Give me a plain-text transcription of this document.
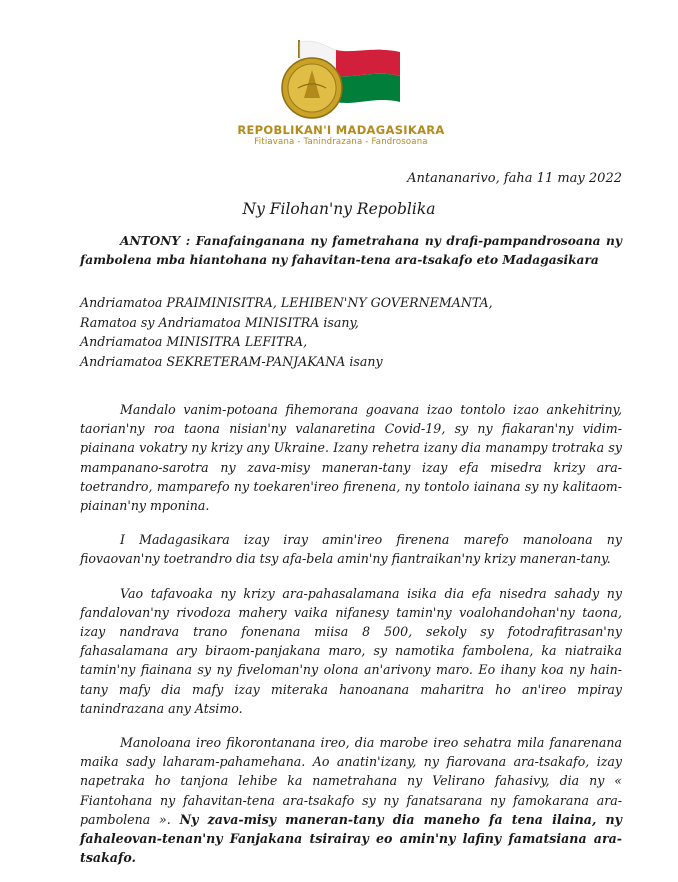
REPOBLIKAN'I MADAGASIKARA
Fitiavana - Tanindrazana - Fandrosoana
Antananarivo, faha 11 may 2022
Ny Filohan'ny Repoblika
ANTONY : Fanafainganana ny fametrahana ny drafi-pampandrosoana ny fambolena mba hiantohana ny fahavitan-tena ara-tsakafo eto Madagasikara
Andriamatoa PRAIMINISITRA, LEHIBEN'NY GOVERNEMANTA,
Ramatoa sy Andriamatoa MINISITRA isany,
Andriamatoa MINISITRA LEFITRA,
Andriamatoa SEKRETERAM-PANJAKANA isany

Mandalo vanim-potoana fihemorana goavana izao tontolo izao ankehitriny, taorian'ny roa taona nisian'ny valanaretina Covid-19, sy ny fiakaran'ny vidim-piainana vokatry ny krizy any Ukraine. Izany rehetra izany dia manampy trotraka sy mampanano-sarotra ny zava-misy maneran-tany izay efa misedra krizy ara-toetrandro, mamparefo ny toekaren'ireo firenena, ny tontolo iainana sy ny kalitaom-piainan'ny mponina.

I Madagasikara izay iray amin'ireo firenena marefo manoloana ny fiovaovan'ny toetrandro dia tsy afa-bela amin'ny fiantraikan'ny krizy maneran-tany.

Vao tafavoaka ny krizy ara-pahasalamana isika dia efa nisedra sahady ny fandalovan'ny rivodoza mahery vaika nifanesy tamin'ny voalohandohan'ny taona, izay nandrava trano fonenana miisa 8 500, sekoly sy fotodrafitrasan'ny fahasalamana ary biraom-panjakana maro, sy namotika fambolena, ka niatraika tamin'ny fiainana sy ny fiveloman'ny olona an'arivony maro. Eo ihany koa ny hain-tany mafy dia mafy izay miteraka hanoanana maharitra ho an'ireo mpiray tanindrazana any Atsimo.

Manoloana ireo fikorontanana ireo, dia marobe ireo sehatra mila fanarenana maika sady laharam-pahamehana. Ao anatin'izany, ny fiarovana ara-tsakafo, izay napetraka ho tanjona lehibe ka nametrahana ny Velirano fahasivy, dia ny « Fiantohana ny fahavitan-tena ara-tsakafo sy ny fanatsarana ny famokarana ara-pambolena ». Ny zava-misy maneran-tany dia maneho fa tena ilaina, ny fahaleovan-tenan'ny Fanjakana tsirairay eo amin'ny lafiny famatsiana ara-tsakafo.
